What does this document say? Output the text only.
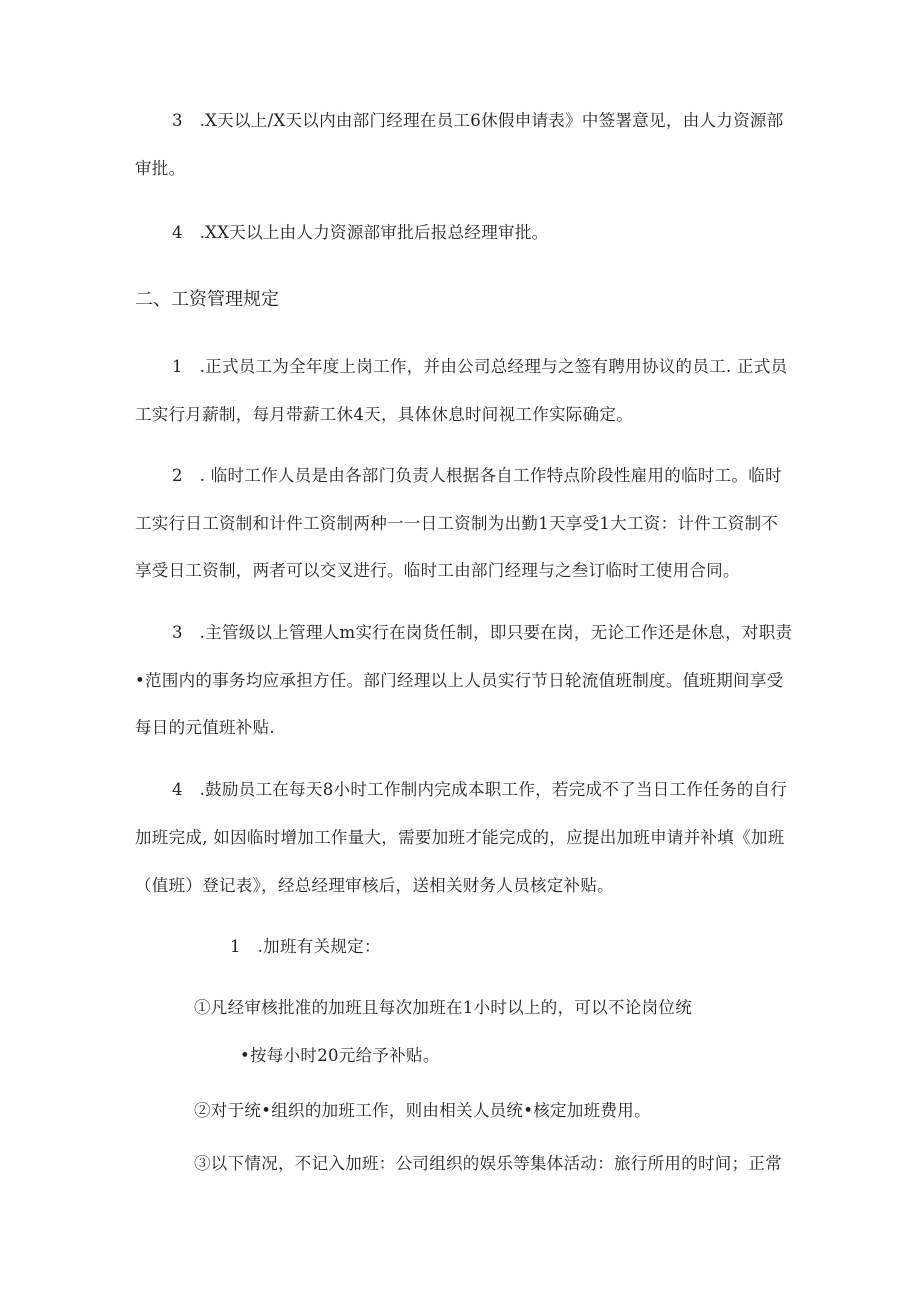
3　.X天以上/X天以内由部门经理在员工6休假申请表》中签署意见，由人力资源部
审批。
4　.XX天以上由人力资源部审批后报总经理审批。
二、工资管理规定
1　.正式员工为全年度上岗工作，并由公司总经理与之签有聘用协议的员工. 正式员
工实行月薪制，每月带薪工休4天，具体休息时间视工作实际确定。
2　. 临时工作人员是由各部门负责人根据各自工作特点阶段性雇用的临时工。临时
工实行日工资制和计件工资制两种一一日工资制为出勤1天享受1大工资：计件工资制不
享受日工资制，两者可以交叉进行。临时工由部门经理与之叁订临时工使用合同。
3　.主管级以上管理人m实行在岗货任制，即只要在岗，无论工作还是休息，对职责
•范围内的事务均应承担方任。部门经理以上人员实行节日轮流值班制度。值班期间享受
每日的元值班补贴.
4　.鼓励员工在每天8小时工作制内完成本职工作，若完成不了当日工作任务的自行
加班完成, 如因临时增加工作量大，需要加班才能完成的，应提出加班申请并补填《加班
（值班）登记表》，经总经理审核后，送相关财务人员核定补贴。
1　.加班有关规定：
①凡经审核批准的加班且每次加班在1小时以上的，可以不论岗位统
•按每小时20元给予补贴。
②对于统•组织的加班工作，则由相关人员统•核定加班费用。
③以下情况，不记入加班：公司组织的娱乐等集体活动：旅行所用的时间；正常
